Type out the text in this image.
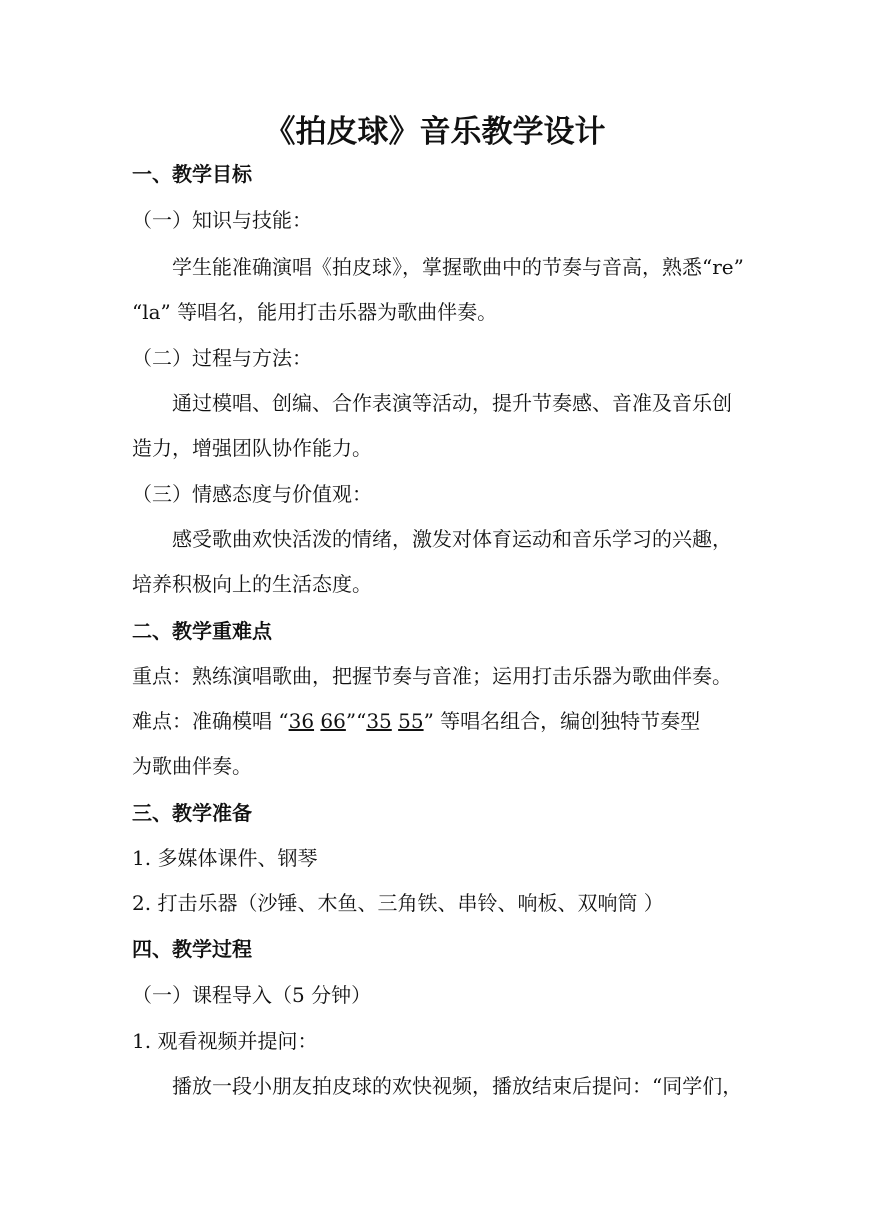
《拍皮球》音乐教学设计
一、教学目标
（一）知识与技能：
学生能准确演唱《拍皮球》，掌握歌曲中的节奏与音高，熟悉“re”
“la” 等唱名，能用打击乐器为歌曲伴奏。
（二）过程与方法：
通过模唱、创编、合作表演等活动，提升节奏感、音准及音乐创
造力，增强团队协作能力。
（三）情感态度与价值观：
感受歌曲欢快活泼的情绪，激发对体育运动和音乐学习的兴趣，
培养积极向上的生活态度。
二、教学重难点
重点：熟练演唱歌曲，把握节奏与音准；运用打击乐器为歌曲伴奏。
难点：准确模唱 “36 66”“35 55” 等唱名组合，编创独特节奏型
为歌曲伴奏。
三、教学准备
1. 多媒体课件、钢琴
2. 打击乐器（沙锤、木鱼、三角铁、串铃、响板、双响筒 ）
四、教学过程
（一）课程导入（5 分钟）
1. 观看视频并提问：
播放一段小朋友拍皮球的欢快视频，播放结束后提问：“同学们，
